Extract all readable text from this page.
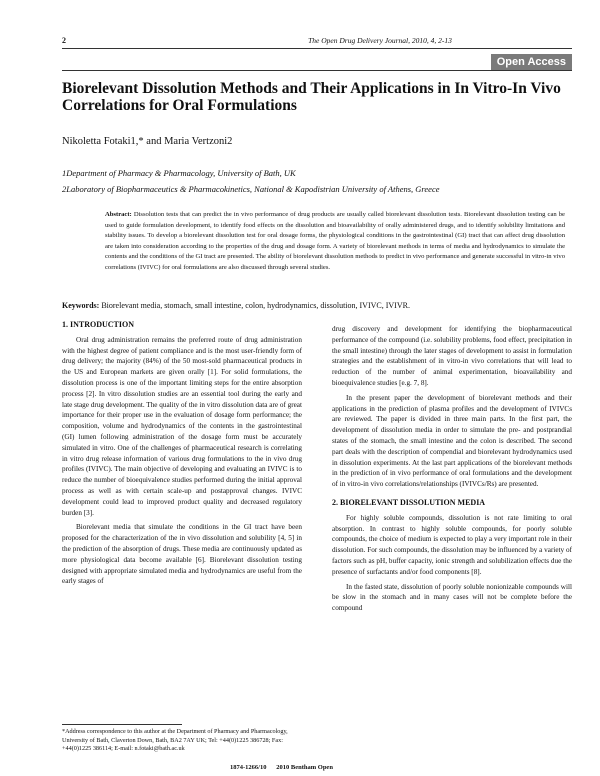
2	The Open Drug Delivery Journal, 2010, 4, 2-13
Open Access
Biorelevant Dissolution Methods and Their Applications in In Vitro-In Vivo Correlations for Oral Formulations
Nikoletta Fotaki1,* and Maria Vertzoni2
1Department of Pharmacy & Pharmacology, University of Bath, UK
2Laboratory of Biopharmaceutics & Pharmacokinetics, National & Kapodistrian University of Athens, Greece
Abstract: Dissolution tests that can predict the in vivo performance of drug products are usually called biorelevant dissolution tests. Biorelevant dissolution testing can be used to guide formulation development, to identify food effects on the dissolution and bioavailability of orally administered drugs, and to identify solubility limitations and stability issues. To develop a biorelevant dissolution test for oral dosage forms, the physiological conditions in the gastrointestinal (GI) tract that can affect drug dissolution are taken into consideration according to the properties of the drug and dosage form. A variety of biorelevant methods in terms of media and hydrodynamics to simulate the contents and the conditions of the GI tract are presented. The ability of biorelevant dissolution methods to predict in vivo performance and generate successful in vitro-in vivo correlations (IVIVC) for oral formulations are also discussed through several studies.
Keywords: Biorelevant media, stomach, small intestine, colon, hydrodynamics, dissolution, IVIVC, IVIVR.
1. INTRODUCTION

Oral drug administration remains the preferred route of drug administration with the highest degree of patient compliance and is the most user-friendly form of drug delivery; the majority (84%) of the 50 most-sold pharmaceutical products in the US and European markets are given orally [1]. For solid formulations, the dissolution process is one of the important limiting steps for the entire absorption process [2]. In vitro dissolution studies are an essential tool during the early and late stage drug development. The quality of the in vitro dissolution data are of great importance for their proper use in the evaluation of dosage form performance; the composition, volume and hydrodynamics of the contents in the gastrointestinal (GI) lumen following administration of the dosage form must be accurately simulated in vitro. One of the challenges of pharmaceutical research is correlating in vitro drug release information of various drug formulations to the in vivo drug profiles (IVIVC). The main objective of developing and evaluating an IVIVC is to reduce the number of bioequivalence studies performed during the initial approval process as well as with certain scale-up and postapproval changes. IVIVC development could lead to improved product quality and decreased regulatory burden [3].

Biorelevant media that simulate the conditions in the GI tract have been proposed for the characterization of the in vivo dissolution and solubility [4, 5] in the prediction of the absorption of drugs. These media are continuously updated as more physiological data become available [6]. Biorelevant dissolution testing designed with appropriate simulated media and hydrodynamics are useful from the early stages of

drug discovery and development for identifying the biopharmaceutical performance of the compound (i.e. solubility problems, food effect, precipitation in the small intestine) through the later stages of development to assist in formulation strategies and the establishment of in vitro-in vivo correlations that will lead to reduction of the number of animal experimentation, bioavailability and bioequivalence studies [e.g. 7, 8].

In the present paper the development of biorelevant methods and their applications in the prediction of plasma profiles and the development of IVIVCs are reviewed. The paper is divided in three main parts. In the first part, the development of dissolution media in order to simulate the pre- and postprandial states of the stomach, the small intestine and the colon is described. The second part deals with the description of compendial and biorelevant hydrodynamics used in dissolution experiments. At the last part applications of the biorelevant methods in the prediction of in vivo performance of oral formulations and the development of in vitro-in vivo correlations/relationships (IVIVCs/Rs) are presented.

2. BIORELEVANT DISSOLUTION MEDIA

For highly soluble compounds, dissolution is not rate limiting to oral absorption. In contrast to highly soluble compounds, for poorly soluble compounds, the choice of medium is expected to play a very important role in their dissolution. For such compounds, the dissolution may be influenced by a variety of factors such as pH, buffer capacity, ionic strength and solubilization effects due the presence of surfactants and/or food components [8].

In the fasted state, dissolution of poorly soluble nonionizable compounds will be slow in the stomach and in many cases will not be complete before the compound

*Address correspondence to this author at the Department of Pharmacy and Pharmacology, University of Bath, Claverton Down, Bath, BA2 7AY UK; Tel: +44(0)1225 386728; Fax: +44(0)1225 386114; E-mail: n.fotaki@bath.ac.uk
1874-1266/10 2010 Bentham Open
